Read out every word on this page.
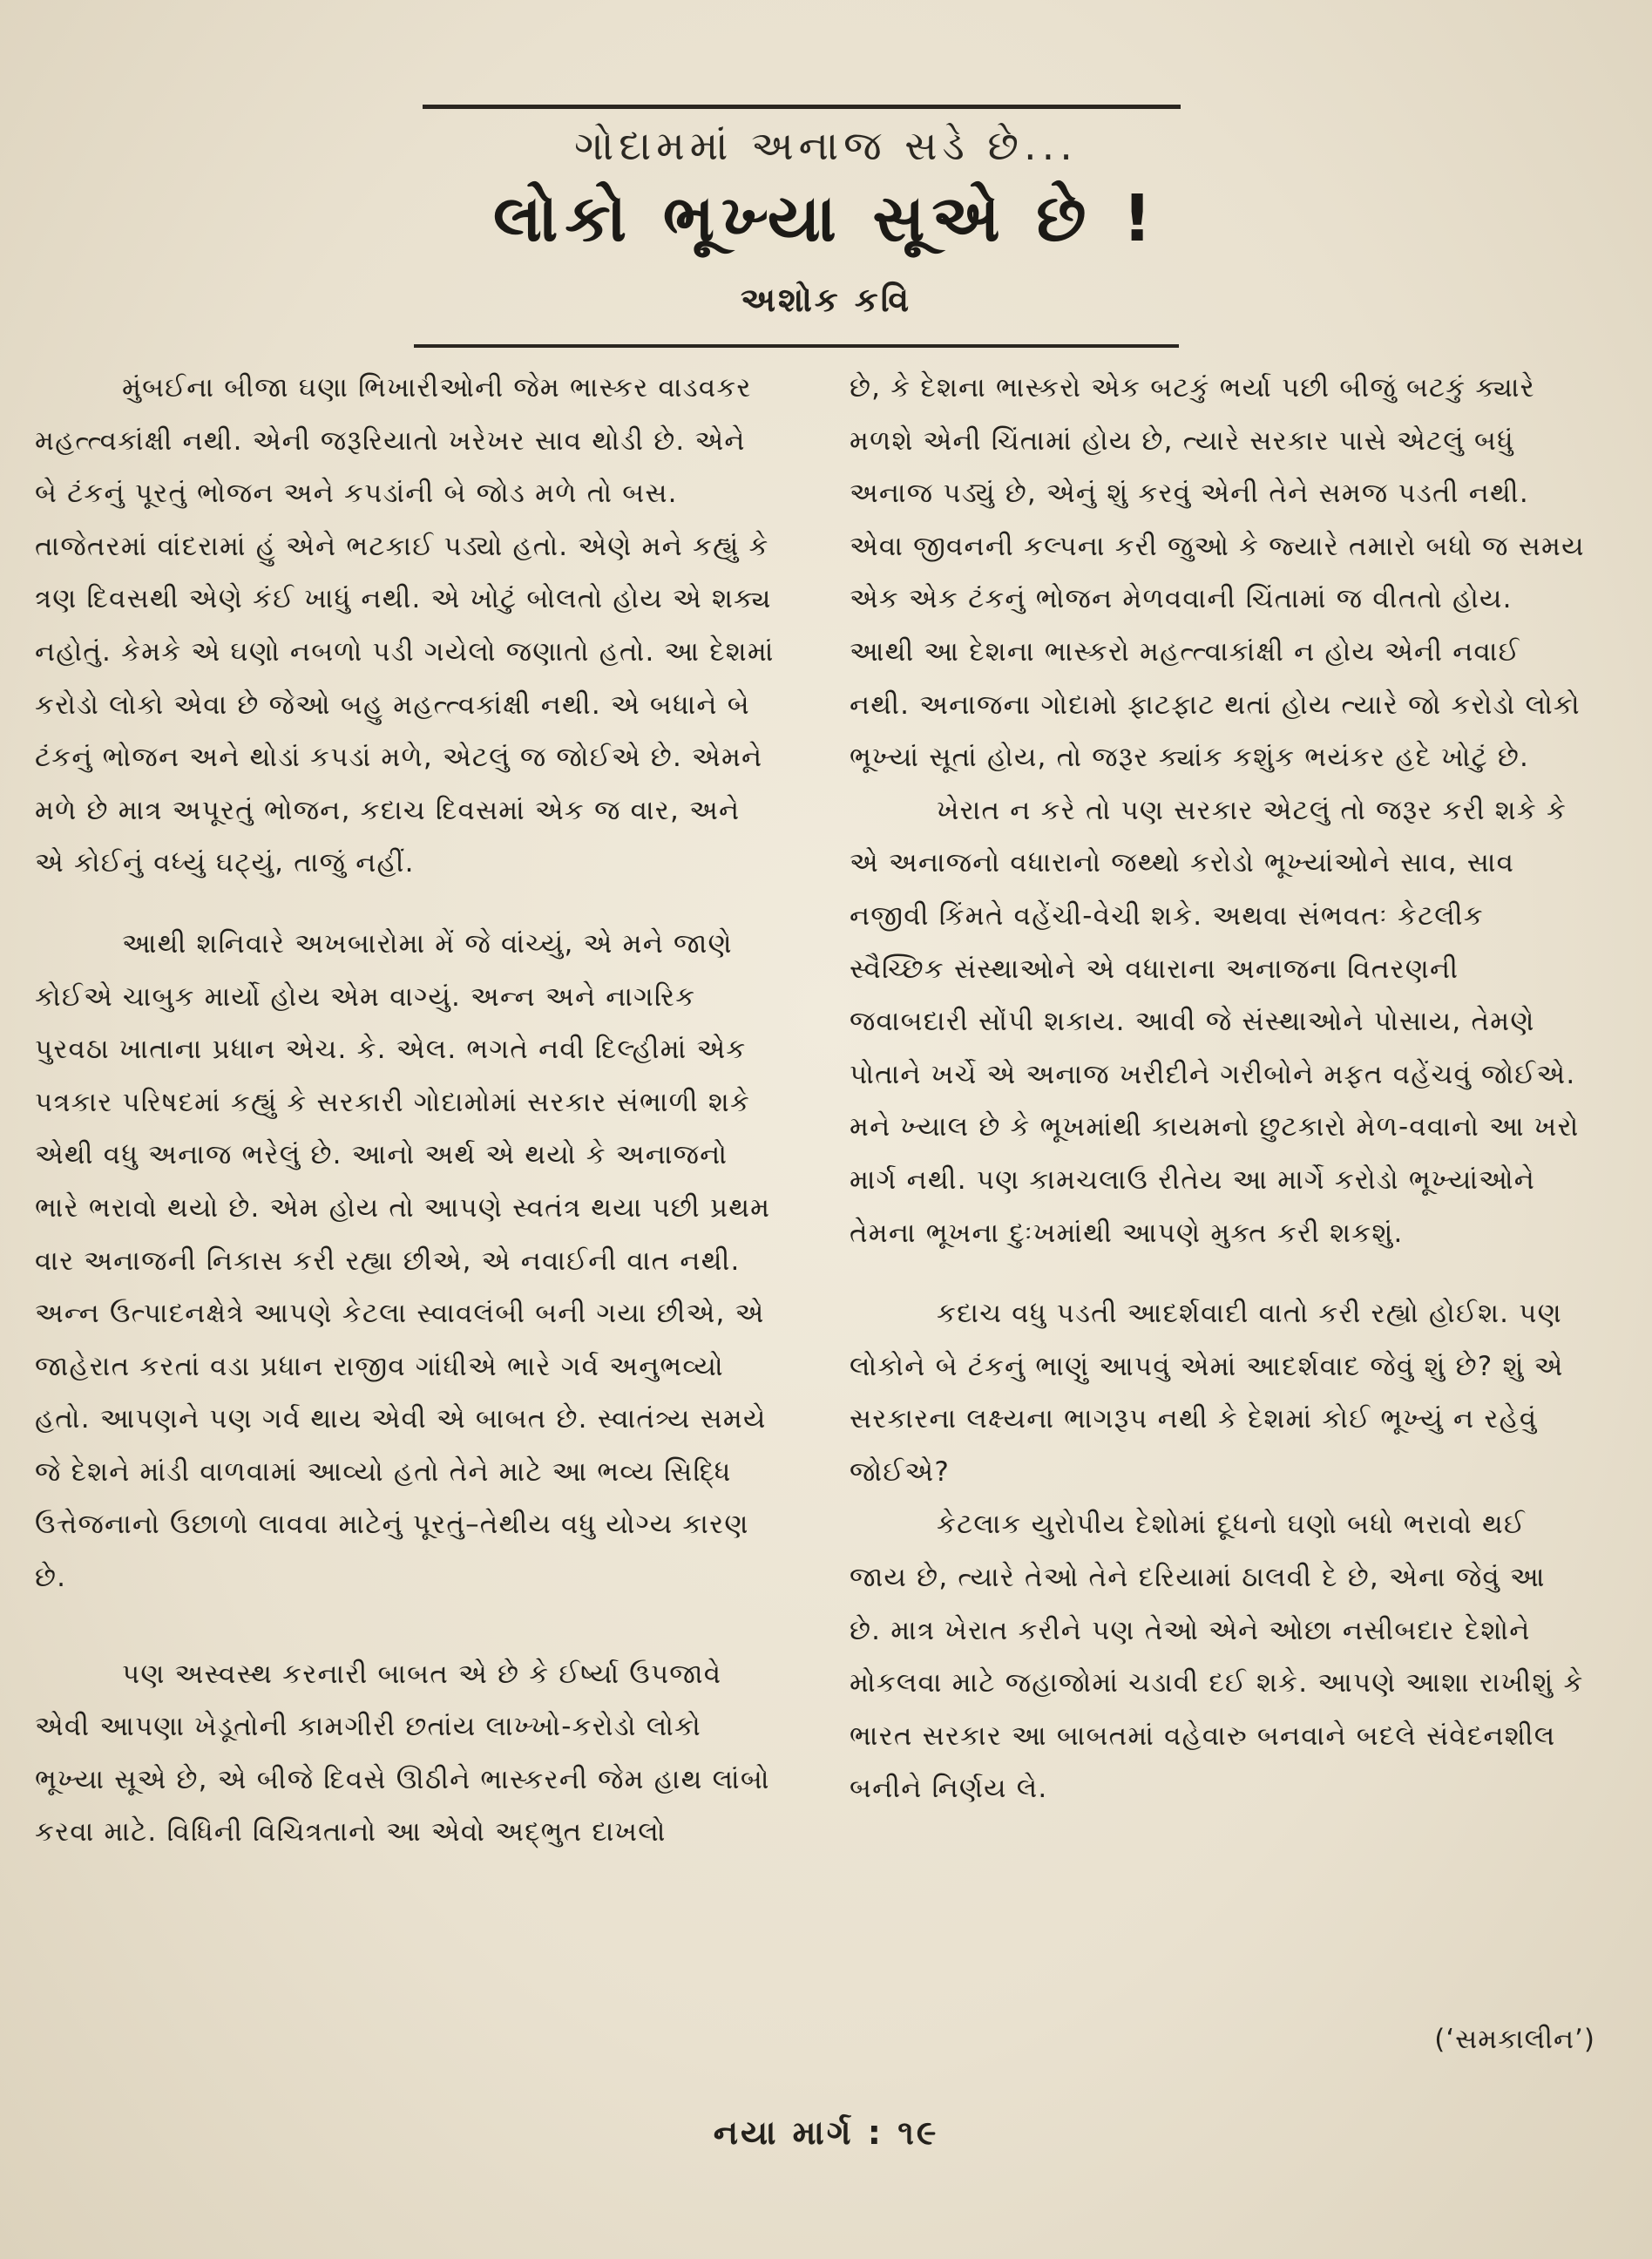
ગોદામમાં અનાજ સડે છે...
લોકો ભૂખ્યા સૂએ છે !
અશોક કવિ

મુંબઈના બીજા ઘણા ભિખારીઓની જેમ ભાસ્કર વાડવકર મહત્ત્વકાંક્ષી નથી. એની જરૂરિયાતો ખરેખર સાવ થોડી છે. એને બે ટંકનું પૂરતું ભોજન અને કપડાંની બે જોડ મળે તો બસ. તાજેતરમાં વાંદરામાં હું એને ભટકાઈ પડ્યો હતો. એણે મને કહ્યું કે ત્રણ દિવસથી એણે કંઈ ખાધું નથી. એ ખોટું બોલતો હોય એ શક્ય નહોતું. કેમકે એ ઘણો નબળો પડી ગયેલો જણાતો હતો. આ દેશમાં કરોડો લોકો એવા છે જેઓ બહુ મહત્ત્વકાંક્ષી નથી. એ બધાને બે ટંકનું ભોજન અને થોડાં કપડાં મળે, એટલું જ જોઈએ છે. એમને મળે છે માત્ર અપૂરતું ભોજન, કદાચ દિવસમાં એક જ વાર, અને એ કોઈનું વધ્યું ઘટ્યું, તાજું નહીં.

આથી શનિવારે અખબારોમા મેં જે વાંચ્યું, એ મને જાણે કોઈએ ચાબુક માર્યો હોય એમ વાગ્યું. અન્ન અને નાગરિક પુરવઠા ખાતાના પ્રધાન એચ. કે. એલ. ભગતે નવી દિલ્હીમાં એક પત્રકાર પરિષદમાં કહ્યું કે સરકારી ગોદામોમાં સરકાર સંભાળી શકે એથી વધુ અનાજ ભરેલું છે. આનો અર્થ એ થયો કે અનાજનો ભારે ભરાવો થયો છે. એમ હોય તો આપણે સ્વતંત્ર થયા પછી પ્રથમ વાર અનાજની નિકાસ કરી રહ્યા છીએ, એ નવાઈની વાત નથી. અન્ન ઉત્પાદનક્ષેત્રે આપણે કેટલા સ્વાવલંબી બની ગયા છીએ, એ જાહેરાત કરતાં વડા પ્રધાન રાજીવ ગાંધીએ ભારે ગર્વ અનુભવ્યો હતો. આપણને પણ ગર્વ થાય એવી એ બાબત છે. સ્વાતંત્ર્ય સમયે જે દેશને માંડી વાળવામાં આવ્યો હતો તેને માટે આ ભવ્ય સિદ્ધિ ઉત્તેજનાનો ઉછાળો લાવવા માટેનું પૂરતું–તેથીય વધુ યોગ્ય કારણ છે.

પણ અસ્વસ્થ કરનારી બાબત એ છે કે ઈર્ષ્યા ઉપજાવે એવી આપણા ખેડૂતોની કામગીરી છતાંય લાખ્ખો-કરોડો લોકો ભૂખ્યા સૂએ છે, એ બીજે દિવસે ઊઠીને ભાસ્કરની જેમ હાથ લાંબો કરવા માટે. વિધિની વિચિત્રતાનો આ એવો અદ્ભુત દાખલો

છે, કે દેશના ભાસ્કરો એક બટકું ભર્યા પછી બીજું બટકું ક્યારે મળશે એની ચિંતામાં હોય છે, ત્યારે સરકાર પાસે એટલું બધું અનાજ પડ્યું છે, એનું શું કરવું એની તેને સમજ પડતી નથી. એવા જીવનની કલ્પના કરી જુઓ કે જ્યારે તમારો બધો જ સમય એક એક ટંકનું ભોજન મેળવવાની ચિંતામાં જ વીતતો હોય. આથી આ દેશના ભાસ્કરો મહત્ત્વાકાંક્ષી ન હોય એની નવાઈ નથી. અનાજના ગોદામો ફાટફાટ થતાં હોય ત્યારે જો કરોડો લોકો ભૂખ્યાં સૂતાં હોય, તો જરૂર ક્યાંક કશુંક ભયંકર હદે ખોટું છે.

ખેરાત ન કરે તો પણ સરકાર એટલું તો જરૂર કરી શકે કે એ અનાજનો વધારાનો જથ્થો કરોડો ભૂખ્યાંઓને સાવ, સાવ નજીવી કિંમતે વહેંચી-વેચી શકે. અથવા સંભવતઃ કેટલીક સ્વૈચ્છિક સંસ્થાઓને એ વધારાના અનાજના વિતરણની જવાબદારી સોંપી શકાય. આવી જે સંસ્થાઓને પોસાય, તેમણે પોતાને ખર્ચે એ અનાજ ખરીદીને ગરીબોને મફત વહેંચવું જોઈએ. મને ખ્યાલ છે કે ભૂખમાંથી કાયમનો છુટકારો મેળ-વવાનો આ ખરો માર્ગ નથી. પણ કામચલાઉ રીતેય આ માર્ગે કરોડો ભૂખ્યાંઓને તેમના ભૂખના દુઃખમાંથી આપણે મુક્ત કરી શકશું.

કદાચ વધુ પડતી આદર્શવાદી વાતો કરી રહ્યો હોઈશ. પણ લોકોને બે ટંકનું ભાણું આપવું એમાં આદર્શવાદ જેવું શું છે? શું એ સરકારના લક્ષ્યના ભાગરૂપ નથી કે દેશમાં કોઈ ભૂખ્યું ન રહેવું જોઈએ?

કેટલાક યુરોપીય દેશોમાં દૂધનો ઘણો બધો ભરાવો થઈ જાય છે, ત્યારે તેઓ તેને દરિયામાં ઠાલવી દે છે, એના જેવું આ છે. માત્ર ખેરાત કરીને પણ તેઓ એને ઓછા નસીબદાર દેશોને મોકલવા માટે જહાજોમાં ચડાવી દઈ શકે. આપણે આશા રાખીશું કે ભારત સરકાર આ બાબતમાં વહેવારુ બનવાને બદલે સંવેદનશીલ બનીને નિર્ણય લે.

(‘સમકાલીન’)
નયા માર્ગ : ૧૯
